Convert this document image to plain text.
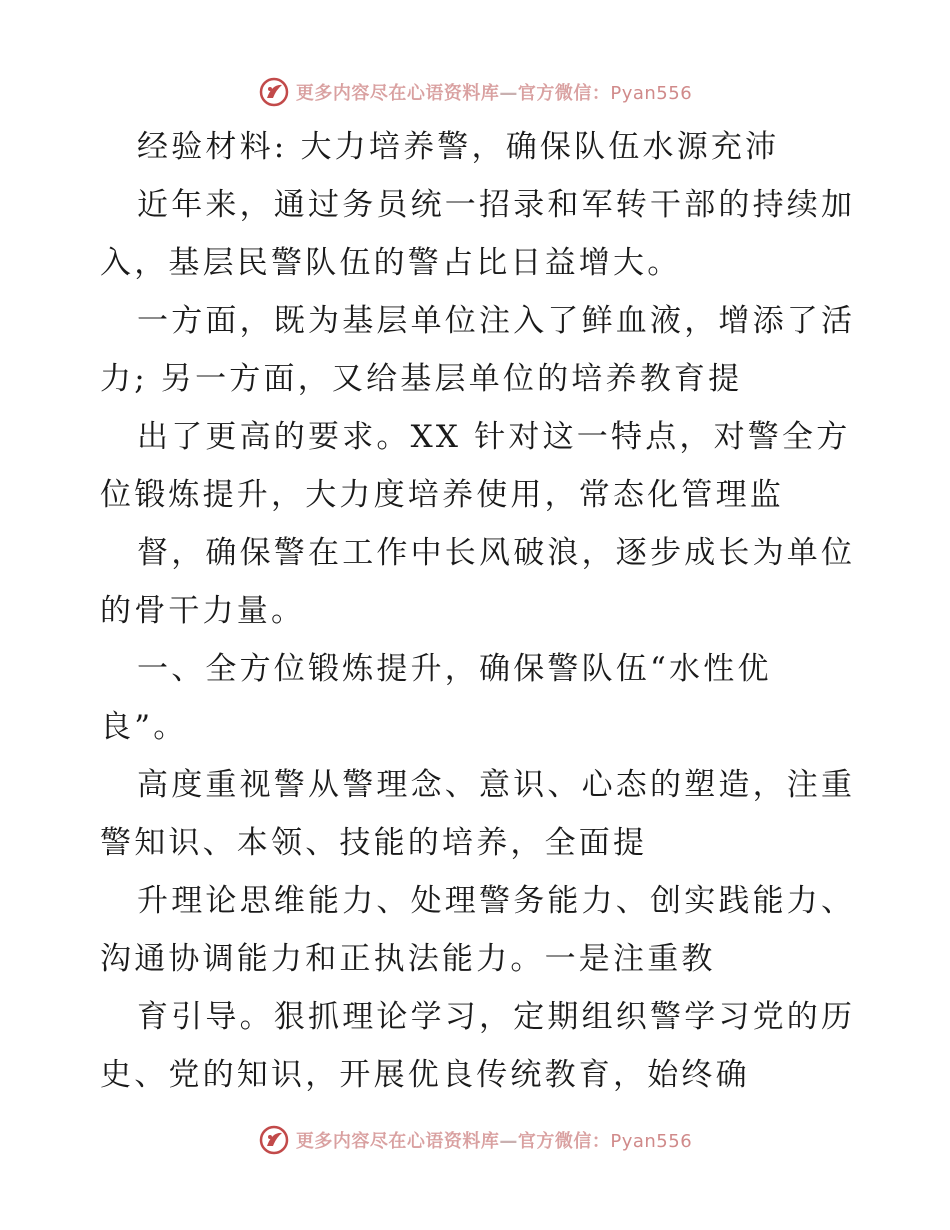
更多内容尽在心语资料库—官方微信：Pyan556
经验材料: 大力培养警，确保队伍水源充沛
近年来，通过务员统一招录和军转干部的持续加
入，基层民警队伍的警占比日益增大。
一方面，既为基层单位注入了鲜血液，增添了活
力; 另一方面，又给基层单位的培养教育提
出了更高的要求。XX 针对这一特点，对警全方
位锻炼提升，大力度培养使用，常态化管理监
督，确保警在工作中长风破浪，逐步成长为单位
的骨干力量。
一、全方位锻炼提升，确保警队伍“水性优
良”。
高度重视警从警理念、意识、心态的塑造，注重
警知识、本领、技能的培养，全面提
升理论思维能力、处理警务能力、创实践能力、
沟通协调能力和正执法能力。一是注重教
育引导。狠抓理论学习，定期组织警学习党的历
史、党的知识，开展优良传统教育，始终确
更多内容尽在心语资料库—官方微信：Pyan556
